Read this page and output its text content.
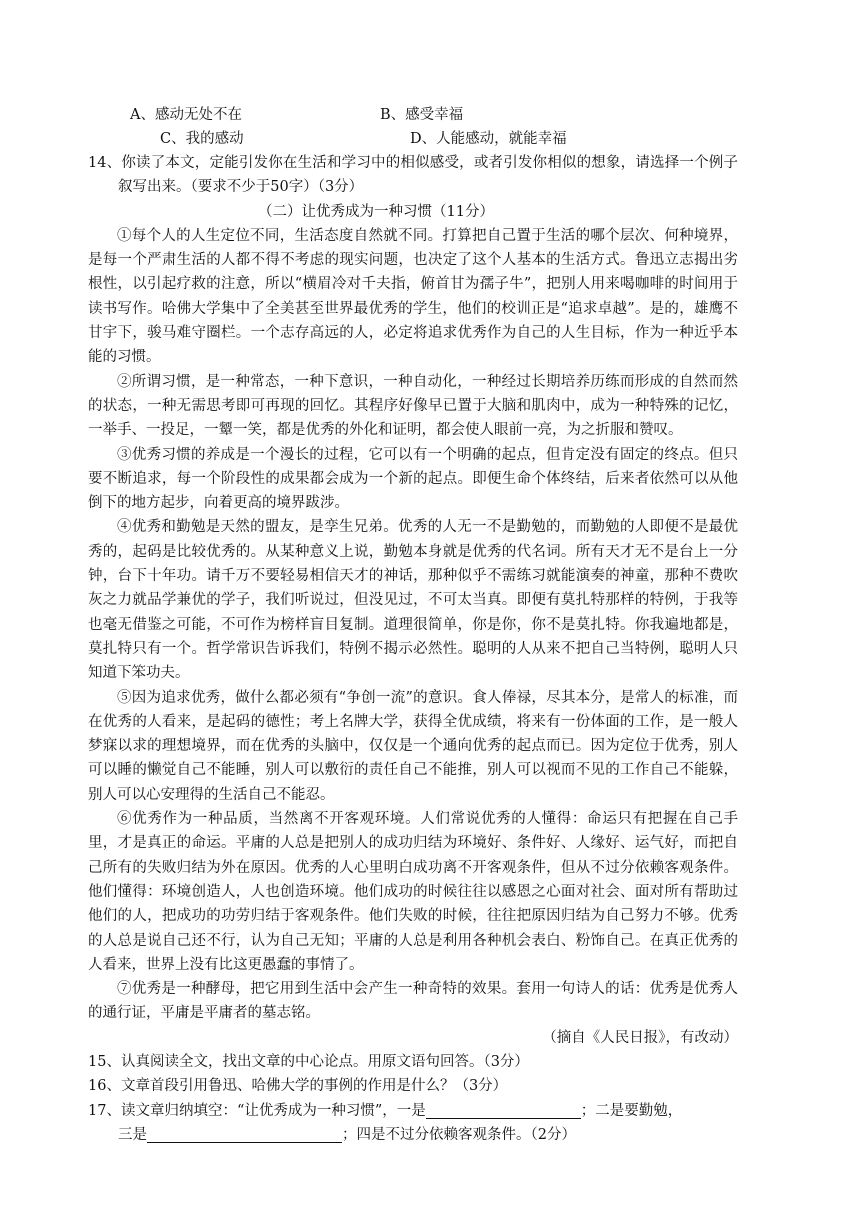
A、感动无处不在	B、感受幸福
C、我的感动	D、人能感动，就能幸福

14、你读了本文，定能引发你在生活和学习中的相似感受，或者引发你相似的想象，请选择一个例子叙写出来。（要求不少于50字）（3分）

（二）让优秀成为一种习惯（11分）

①每个人的人生定位不同，生活态度自然就不同。打算把自己置于生活的哪个层次、何种境界，是每一个严肃生活的人都不得不考虑的现实问题，也决定了这个人基本的生活方式。鲁迅立志揭出劣根性，以引起疗救的注意，所以“横眉冷对千夫指，俯首甘为孺子牛”，把别人用来喝咖啡的时间用于读书写作。哈佛大学集中了全美甚至世界最优秀的学生，他们的校训正是“追求卓越”。是的，雄鹰不甘宇下，骏马难守圈栏。一个志存高远的人，必定将追求优秀作为自己的人生目标，作为一种近乎本能的习惯。

②所谓习惯，是一种常态，一种下意识，一种自动化，一种经过长期培养历练而形成的自然而然的状态，一种无需思考即可再现的回忆。其程序好像早已置于大脑和肌肉中，成为一种特殊的记忆，一举手、一投足，一颦一笑，都是优秀的外化和证明，都会使人眼前一亮，为之折服和赞叹。

③优秀习惯的养成是一个漫长的过程，它可以有一个明确的起点，但肯定没有固定的终点。但只要不断追求，每一个阶段性的成果都会成为一个新的起点。即便生命个体终结，后来者依然可以从他倒下的地方起步，向着更高的境界跋涉。

④优秀和勤勉是天然的盟友，是孪生兄弟。优秀的人无一不是勤勉的，而勤勉的人即便不是最优秀的，起码是比较优秀的。从某种意义上说，勤勉本身就是优秀的代名词。所有天才无不是台上一分钟，台下十年功。请千万不要轻易相信天才的神话，那种似乎不需练习就能演奏的神童，那种不费吹灰之力就品学兼优的学子，我们听说过，但没见过，不可太当真。即便有莫扎特那样的特例，于我等也毫无借鉴之可能，不可作为榜样盲目复制。道理很简单，你是你，你不是莫扎特。你我遍地都是，莫扎特只有一个。哲学常识告诉我们，特例不揭示必然性。聪明的人从来不把自己当特例，聪明人只知道下笨功夫。

⑤因为追求优秀，做什么都必须有“争创一流”的意识。食人俸禄，尽其本分，是常人的标准，而在优秀的人看来，是起码的德性；考上名牌大学，获得全优成绩，将来有一份体面的工作，是一般人梦寐以求的理想境界，而在优秀的头脑中，仅仅是一个通向优秀的起点而已。因为定位于优秀，别人可以睡的懒觉自己不能睡，别人可以敷衍的责任自己不能推，别人可以视而不见的工作自己不能躲，别人可以心安理得的生活自己不能忍。

⑥优秀作为一种品质，当然离不开客观环境。人们常说优秀的人懂得：命运只有把握在自己手里，才是真正的命运。平庸的人总是把别人的成功归结为环境好、条件好、人缘好、运气好，而把自己所有的失败归结为外在原因。优秀的人心里明白成功离不开客观条件，但从不过分依赖客观条件。他们懂得：环境创造人，人也创造环境。他们成功的时候往往以感恩之心面对社会、面对所有帮助过他们的人，把成功的功劳归结于客观条件。他们失败的时候，往往把原因归结为自己努力不够。优秀的人总是说自己还不行，认为自己无知；平庸的人总是利用各种机会表白、粉饰自己。在真正优秀的人看来，世界上没有比这更愚蠢的事情了。

⑦优秀是一种酵母，把它用到生活中会产生一种奇特的效果。套用一句诗人的话：优秀是优秀人的通行证，平庸是平庸者的墓志铭。

（摘自《人民日报》，有改动）

15、认真阅读全文，找出文章的中心论点。用原文语句回答。（3分）

16、文章首段引用鲁迅、哈佛大学的事例的作用是什么？（3分）

17、读文章归纳填空：“让优秀成为一种习惯”，一是	；二是要勤勉，

三是	；四是不过分依赖客观条件。（2分）
